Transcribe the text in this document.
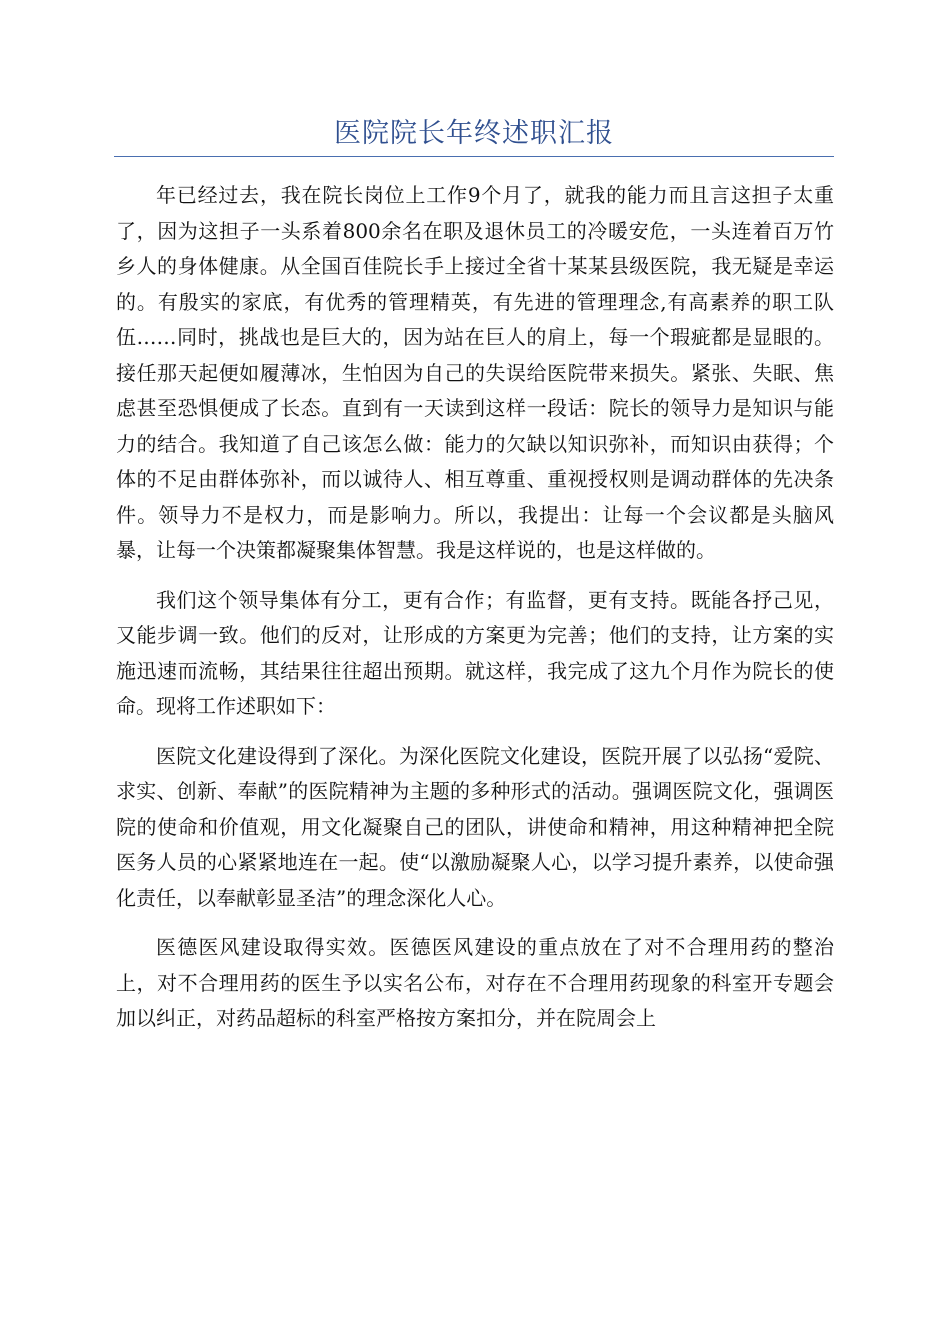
医院院长年终述职汇报

年已经过去，我在院长岗位上工作9个月了，就我的能力而且言这担子太重了，因为这担子一头系着800余名在职及退休员工的冷暖安危，一头连着百万竹乡人的身体健康。从全国百佳院长手上接过全省十某某县级医院，我无疑是幸运的。有殷实的家底，有优秀的管理精英，有先进的管理理念,有高素养的职工队伍……同时，挑战也是巨大的，因为站在巨人的肩上，每一个瑕疵都是显眼的。接任那天起便如履薄冰，生怕因为自己的失误给医院带来损失。紧张、失眠、焦虑甚至恐惧便成了长态。直到有一天读到这样一段话：院长的领导力是知识与能力的结合。我知道了自己该怎么做：能力的欠缺以知识弥补，而知识由获得；个体的不足由群体弥补，而以诚待人、相互尊重、重视授权则是调动群体的先决条件。领导力不是权力，而是影响力。所以，我提出：让每一个会议都是头脑风暴，让每一个决策都凝聚集体智慧。我是这样说的，也是这样做的。

我们这个领导集体有分工，更有合作；有监督，更有支持。既能各抒己见，又能步调一致。他们的反对，让形成的方案更为完善；他们的支持，让方案的实施迅速而流畅，其结果往往超出预期。就这样，我完成了这九个月作为院长的使命。现将工作述职如下：

医院文化建设得到了深化。为深化医院文化建设，医院开展了以弘扬“爱院、求实、创新、奉献”的医院精神为主题的多种形式的活动。强调医院文化，强调医院的使命和价值观，用文化凝聚自己的团队，讲使命和精神，用这种精神把全院医务人员的心紧紧地连在一起。使“以激励凝聚人心，以学习提升素养，以使命强化责任，以奉献彰显圣洁”的理念深化人心。

医德医风建设取得实效。医德医风建设的重点放在了对不合理用药的整治上，对不合理用药的医生予以实名公布，对存在不合理用药现象的科室开专题会加以纠正，对药品超标的科室严格按方案扣分，并在院周会上
